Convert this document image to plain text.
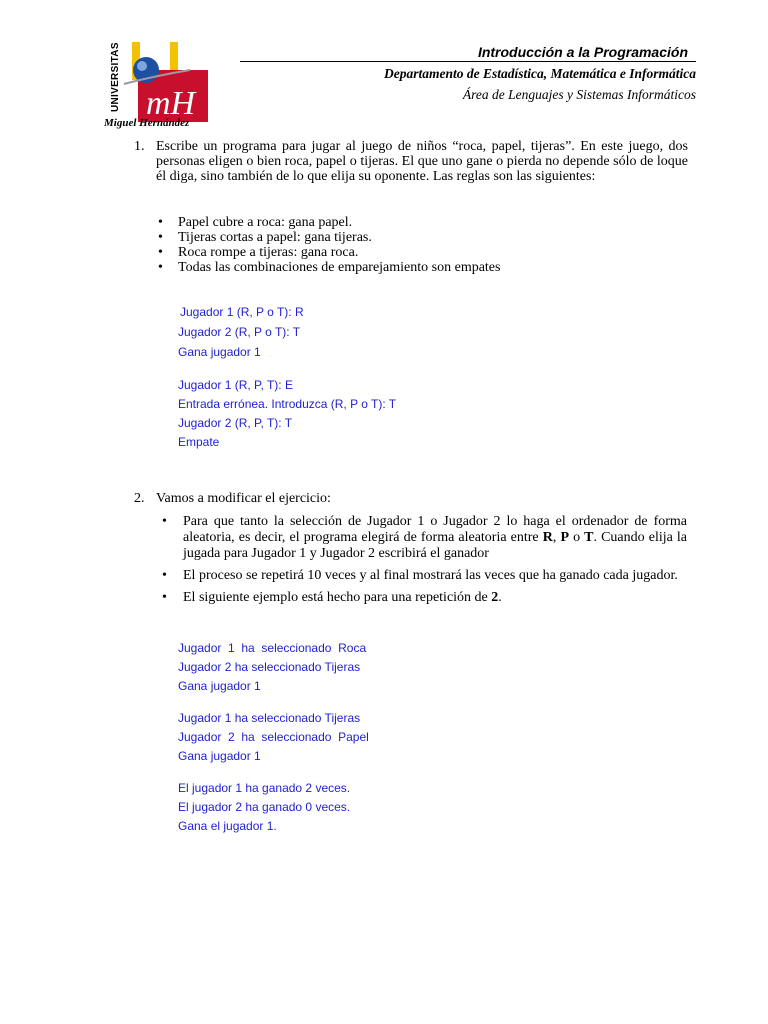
mH
UNIVERSITAS
Miguel Hernández
Introducción a la Programación
Departamento de Estadística, Matemática e Informática
Área de Lenguajes y Sistemas Informáticos
1. Escribe un programa para jugar al juego de niños “roca, papel, tijeras”. En este juego, dos personas eligen o bien roca, papel o tijeras. El que uno gane o pierda no depende sólo de loque él diga, sino también de lo que elija su oponente. Las reglas son las siguientes:
• Papel cubre a roca: gana papel.
• Tijeras cortas a papel: gana tijeras.
• Roca rompe a tijeras: gana roca.
• Todas las combinaciones de emparejamiento son empates
Jugador 1 (R, P o T): R
Jugador 2 (R, P o T): T
Gana jugador 1
Jugador 1 (R, P, T): E
Entrada errónea. Introduzca (R, P o T): T
Jugador 2 (R, P, T): T
Empate
2. Vamos a modificar el ejercicio:
• Para que tanto la selección de Jugador 1 o Jugador 2 lo haga el ordenador de forma aleatoria, es decir, el programa elegirá de forma aleatoria entre R, P o T. Cuando elija la jugada para Jugador 1 y Jugador 2 escribirá el ganador
• El proceso se repetirá 10 veces y al final mostrará las veces que ha ganado cada jugador.
• El siguiente ejemplo está hecho para una repetición de 2.
Jugador  1  ha  seleccionado  Roca
Jugador 2 ha seleccionado Tijeras
Gana jugador 1
Jugador 1 ha seleccionado Tijeras
Jugador  2  ha  seleccionado  Papel
Gana jugador 1
El jugador 1 ha ganado 2 veces.
El jugador 2 ha ganado 0 veces.
Gana el jugador 1.
